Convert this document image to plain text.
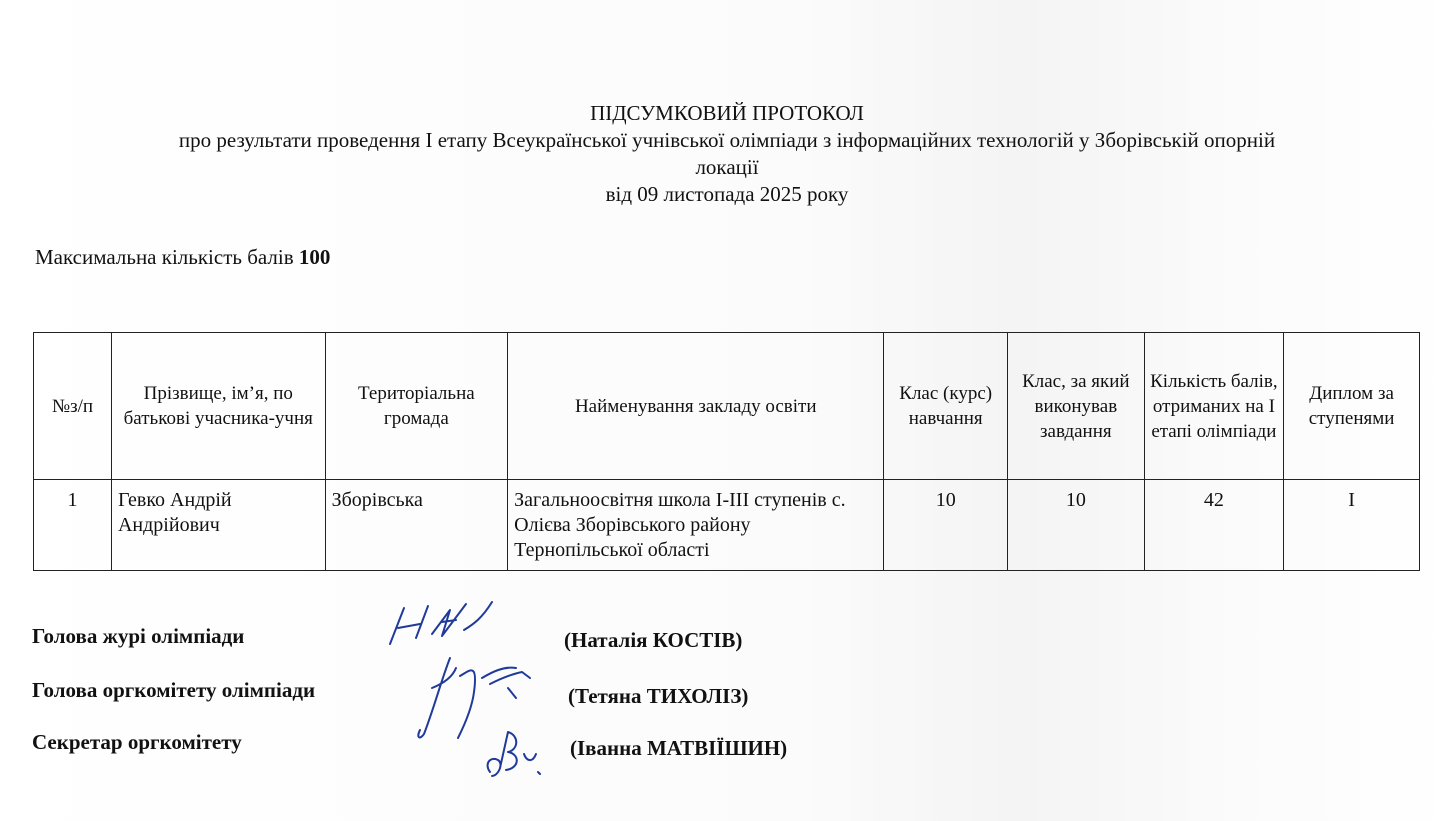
ПІДСУМКОВИЙ ПРОТОКОЛ
про результати проведення І етапу Всеукраїнської учнівської олімпіади з інформаційних технологій у Зборівській опорній
локації
від 09 листопада 2025 року
Максимальна кількість балів 100
№з/п	Прізвище, ім’я, по батькові учасника-учня	Територіальна громада	Найменування закладу освіти	Клас (курс) навчання	Клас, за який виконував завдання	Кількість балів, отриманих на І етапі олімпіади	Диплом за ступенями
1	Гевко Андрій Андрійович	Зборівська	Загальноосвітня школа І-ІІІ ступенів с. Олієва Зборівського району Тернопільської області	10	10	42	І
Голова журі олімпіади	(Наталія КОСТІВ)
Голова оргкомітету олімпіади	(Тетяна ТИХОЛІЗ)
Секретар оргкомітету	(Іванна МАТВІЇШИН)
